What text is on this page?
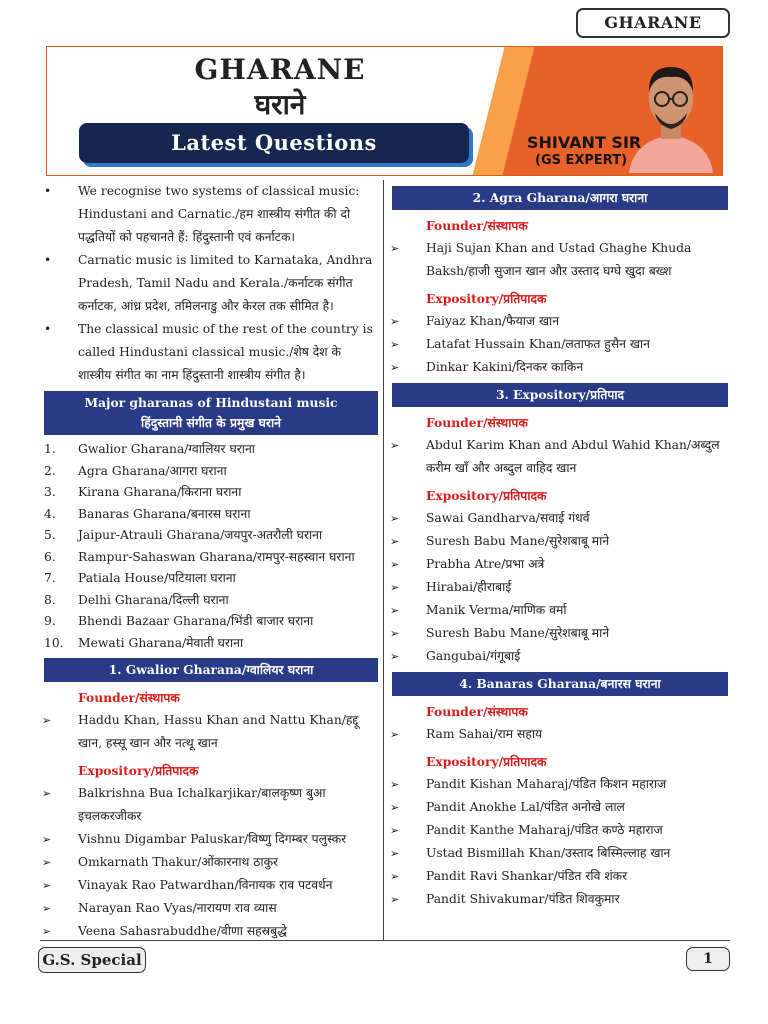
GHARANE
GHARANE
घराने
Latest Questions	SHIVANT SIR
(GS EXPERT)
• We recognise two systems of classical music: Hindustani and Carnatic./हम शास्त्रीय संगीत की दो पद्धतियों को पहचानते हैं: हिंदुस्तानी एवं कर्नाटक।
• Carnatic music is limited to Karnataka, Andhra Pradesh, Tamil Nadu and Kerala./कर्नाटक संगीत कर्नाटक, आंध्र प्रदेश, तमिलनाडु और केरल तक सीमित है।
• The classical music of the rest of the country is called Hindustani classical music./शेष देश के शास्त्रीय संगीत का नाम हिंदुस्तानी शास्त्रीय संगीत है।
Major gharanas of Hindustani music
हिंदुस्तानी संगीत के प्रमुख घराने
1. Gwalior Gharana/ग्वालियर घराना
2. Agra Gharana/आगरा घराना
3. Kirana Gharana/किराना घराना
4. Banaras Gharana/बनारस घराना
5. Jaipur-Atrauli Gharana/जयपुर-अतरौली घराना
6. Rampur-Sahaswan Gharana/रामपुर-सहस्वान घराना
7. Patiala House/पटियाला घराना
8. Delhi Gharana/दिल्ली घराना
9. Bhendi Bazaar Gharana/भिंडी बाजार घराना
10. Mewati Gharana/मेवाती घराना
1. Gwalior Gharana/ग्वालियर घराना
Founder/संस्थापक
➢ Haddu Khan, Hassu Khan and Nattu Khan/हद्दू खान, हस्सू खान और नत्थू खान
Expository/प्रतिपादक
➢ Balkrishna Bua Ichalkarjikar/बालकृष्ण बुआ इचलकरजीकर
➢ Vishnu Digambar Paluskar/विष्णु दिगम्बर पलुस्कर
➢ Omkarnath Thakur/ओंकारनाथ ठाकुर
➢ Vinayak Rao Patwardhan/विनायक राव पटवर्धन
➢ Narayan Rao Vyas/नारायण राव व्यास
➢ Veena Sahasrabuddhe/वीणा सहस्रबुद्धे
2. Agra Gharana/आगरा घराना
Founder/संस्थापक
➢ Haji Sujan Khan and Ustad Ghaghe Khuda Baksh/हाजी सुजान खान और उस्ताद घग्घे खुदा बख्श
Expository/प्रतिपादक
➢ Faiyaz Khan/फैयाज खान
➢ Latafat Hussain Khan/लताफत हुसैन खान
➢ Dinkar Kakini/दिनकर काकिन
3. Expository/प्रतिपाद
Founder/संस्थापक
➢ Abdul Karim Khan and Abdul Wahid Khan/अब्दुल करीम खाँ और अब्दुल वाहिद खान
Expository/प्रतिपादक
➢ Sawai Gandharva/सवाई गंधर्व
➢ Suresh Babu Mane/सुरेशबाबू माने
➢ Prabha Atre/प्रभा अत्रे
➢ Hirabai/हीराबाई
➢ Manik Verma/माणिक वर्मा
➢ Suresh Babu Mane/सुरेशबाबू माने
➢ Gangubai/गंगूबाई
4. Banaras Gharana/बनारस घराना
Founder/संस्थापक
➢ Ram Sahai/राम सहाय
Expository/प्रतिपादक
➢ Pandit Kishan Maharaj/पंडित किशन महाराज
➢ Pandit Anokhe Lal/पंडित अनोखे लाल
➢ Pandit Kanthe Maharaj/पंडित कण्ठे महाराज
➢ Ustad Bismillah Khan/उस्ताद बिस्मिल्लाह खान
➢ Pandit Ravi Shankar/पंडित रवि शंकर
➢ Pandit Shivakumar/पंडित शिवकुमार
G.S. Special	1
